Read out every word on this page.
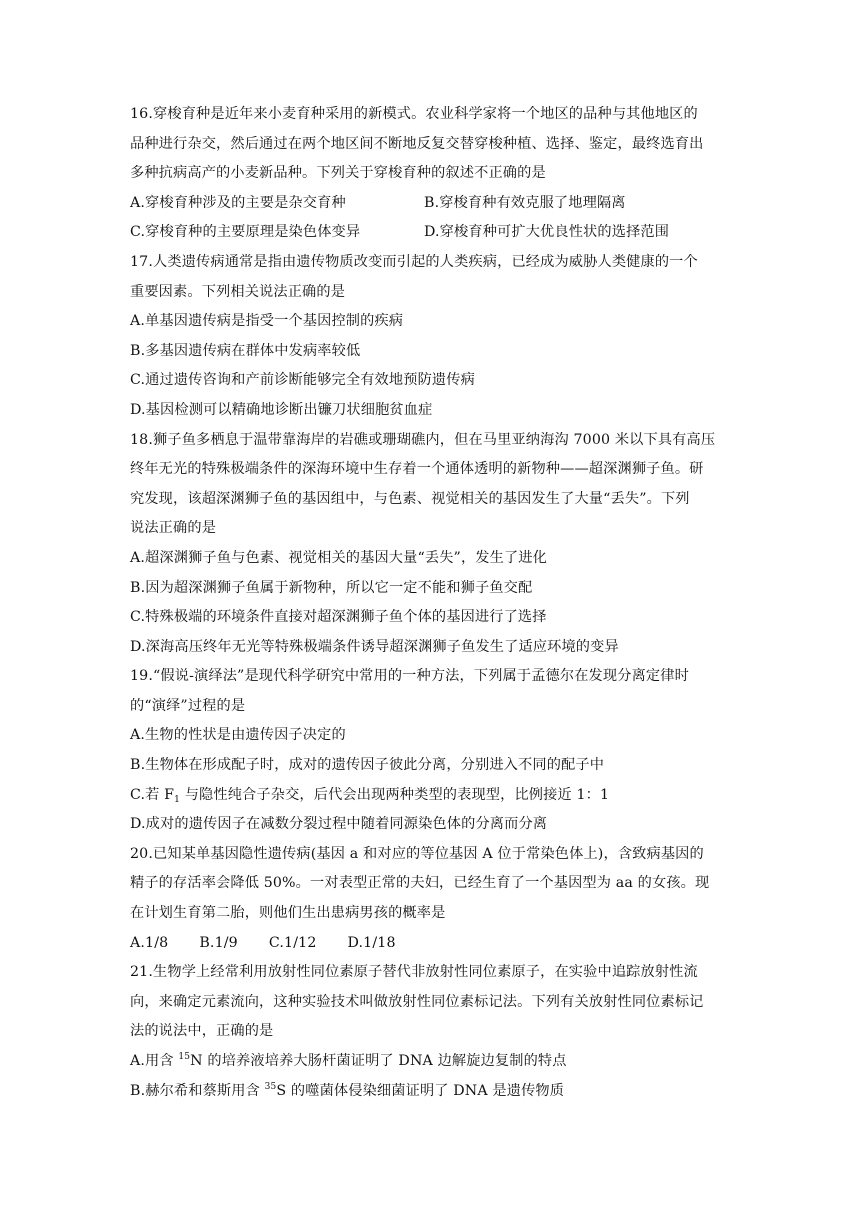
16.穿梭育种是近年来小麦育种采用的新模式。农业科学家将一个地区的品种与其他地区的
品种进行杂交，然后通过在两个地区间不断地反复交替穿梭种植、选择、鉴定，最终选育出
多种抗病高产的小麦新品种。下列关于穿梭育种的叙述不正确的是
A.穿梭育种涉及的主要是杂交育种	B.穿梭育种有效克服了地理隔离
C.穿梭育种的主要原理是染色体变异	D.穿梭育种可扩大优良性状的选择范围
17.人类遗传病通常是指由遗传物质改变而引起的人类疾病，已经成为威胁人类健康的一个
重要因素。下列相关说法正确的是
A.单基因遗传病是指受一个基因控制的疾病
B.多基因遗传病在群体中发病率较低
C.通过遗传咨询和产前诊断能够完全有效地预防遗传病
D.基因检测可以精确地诊断出镰刀状细胞贫血症
18.狮子鱼多栖息于温带靠海岸的岩礁或珊瑚礁内，但在马里亚纳海沟 7000 米以下具有高压
终年无光的特殊极端条件的深海环境中生存着一个通体透明的新物种——超深渊狮子鱼。研
究发现，该超深渊狮子鱼的基因组中，与色素、视觉相关的基因发生了大量“丢失”。下列
说法正确的是
A.超深渊狮子鱼与色素、视觉相关的基因大量“丢失”，发生了进化
B.因为超深渊狮子鱼属于新物种，所以它一定不能和狮子鱼交配
C.特殊极端的环境条件直接对超深渊狮子鱼个体的基因进行了选择
D.深海高压终年无光等特殊极端条件诱导超深渊狮子鱼发生了适应环境的变异
19.“假说-演绎法”是现代科学研究中常用的一种方法，下列属于孟德尔在发现分离定律时
的“演绎”过程的是
A.生物的性状是由遗传因子决定的
B.生物体在形成配子时，成对的遗传因子彼此分离，分别进入不同的配子中
C.若 $F_1$ 与隐性纯合子杂交，后代会出现两种类型的表现型，比例接近 1：1
D.成对的遗传因子在减数分裂过程中随着同源染色体的分离而分离
20.已知某单基因隐性遗传病(基因 a 和对应的等位基因 A 位于常染色体上)，含致病基因的
精子的存活率会降低 50%。一对表型正常的夫妇，已经生育了一个基因型为 aa 的女孩。现
在计划生育第二胎，则他们生出患病男孩的概率是
A.1/8 B.1/9 C.1/12 D.1/18
21.生物学上经常利用放射性同位素原子替代非放射性同位素原子，在实验中追踪放射性流
向，来确定元素流向，这种实验技术叫做放射性同位素标记法。下列有关放射性同位素标记
法的说法中，正确的是
A.用含 $^{15}$N 的培养液培养大肠杆菌证明了 DNA 边解旋边复制的特点
B.赫尔希和蔡斯用含 $^{35}$S 的噬菌体侵染细菌证明了 DNA 是遗传物质
